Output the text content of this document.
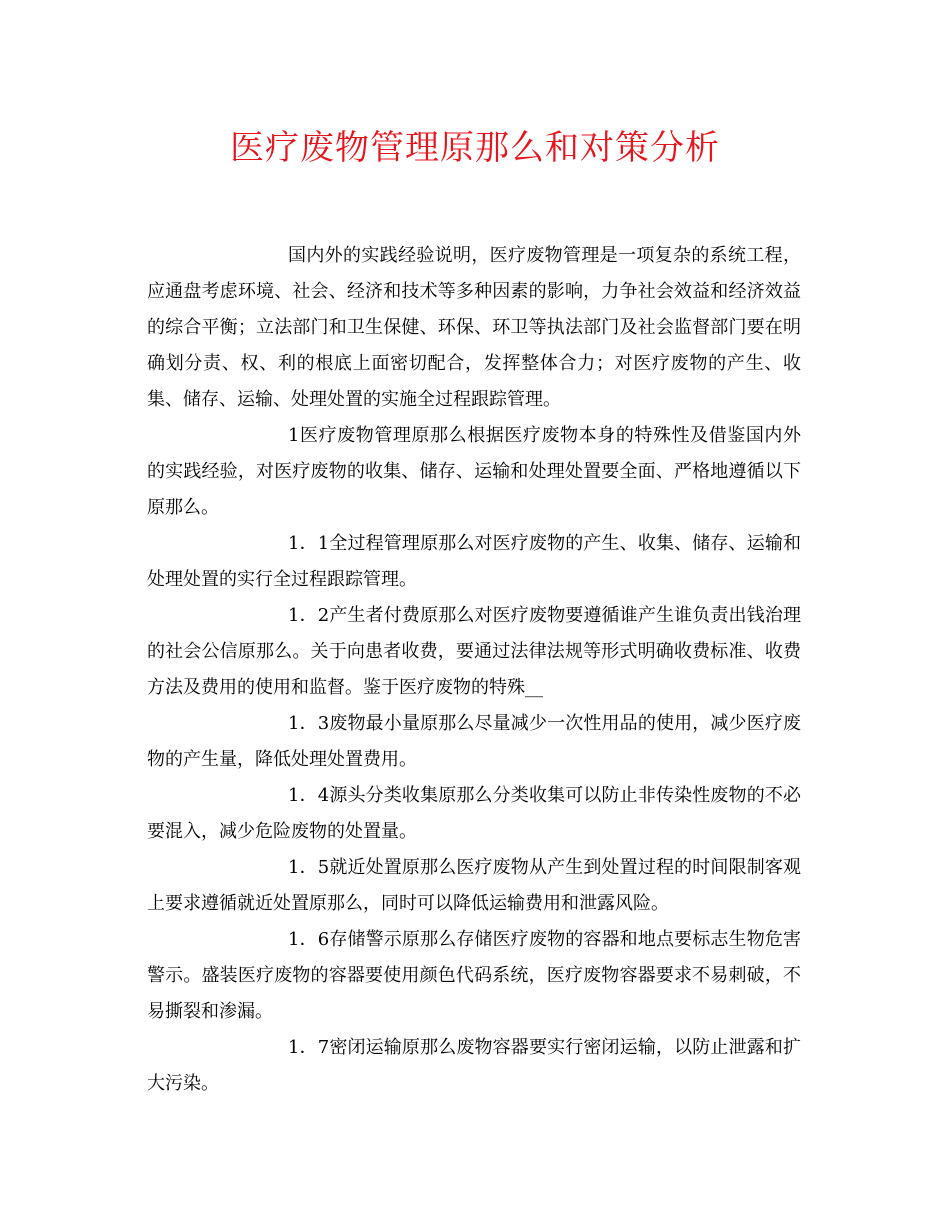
医疗废物管理原那么和对策分析

国内外的实践经验说明，医疗废物管理是一项复杂的系统工程，应通盘考虑环境、社会、经济和技术等多种因素的影响，力争社会效益和经济效益的综合平衡；立法部门和卫生保健、环保、环卫等执法部门及社会监督部门要在明确划分责、权、利的根底上面密切配合，发挥整体合力；对医疗废物的产生、收集、储存、运输、处理处置的实施全过程跟踪管理。

1医疗废物管理原那么根据医疗废物本身的特殊性及借鉴国内外的实践经验，对医疗废物的收集、储存、运输和处理处置要全面、严格地遵循以下原那么。

1．1全过程管理原那么对医疗废物的产生、收集、储存、运输和处理处置的实行全过程跟踪管理。

1．2产生者付费原那么对医疗废物要遵循谁产生谁负责出钱治理的社会公信原那么。关于向患者收费，要通过法律法规等形式明确收费标准、收费方法及费用的使用和监督。鉴于医疗废物的特殊__

1．3废物最小量原那么尽量减少一次性用品的使用，减少医疗废物的产生量，降低处理处置费用。

1．4源头分类收集原那么分类收集可以防止非传染性废物的不必要混入，减少危险废物的处置量。

1．5就近处置原那么医疗废物从产生到处置过程的时间限制客观上要求遵循就近处置原那么，同时可以降低运输费用和泄露风险。

1．6存储警示原那么存储医疗废物的容器和地点要标志生物危害警示。盛装医疗废物的容器要使用颜色代码系统，医疗废物容器要求不易刺破，不易撕裂和渗漏。

1．7密闭运输原那么废物容器要实行密闭运输，以防止泄露和扩大污染。
